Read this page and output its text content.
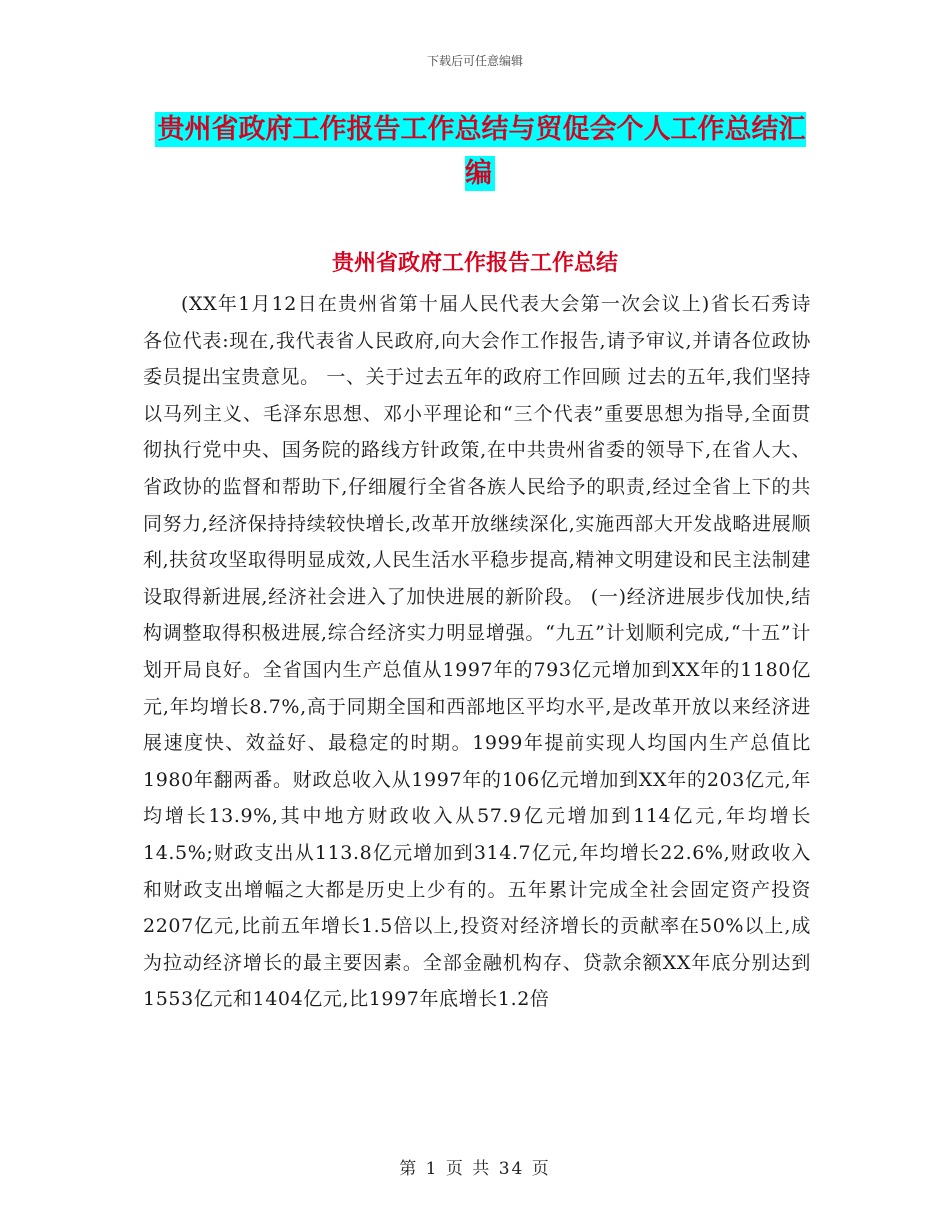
下载后可任意编辑
贵州省政府工作报告工作总结与贸促会个人工作总结汇编
贵州省政府工作报告工作总结

(XX年1月12日在贵州省第十届人民代表大会第一次会议上)省长石秀诗 各位代表:现在,我代表省人民政府,向大会作工作报告,请予审议,并请各位政协委员提出宝贵意见。 一、关于过去五年的政府工作回顾 过去的五年,我们坚持以马列主义、毛泽东思想、邓小平理论和“三个代表”重要思想为指导,全面贯彻执行党中央、国务院的路线方针政策,在中共贵州省委的领导下,在省人大、省政协的监督和帮助下,仔细履行全省各族人民给予的职责,经过全省上下的共同努力,经济保持持续较快增长,改革开放继续深化,实施西部大开发战略进展顺利,扶贫攻坚取得明显成效,人民生活水平稳步提高,精神文明建设和民主法制建设取得新进展,经济社会进入了加快进展的新阶段。 (一)经济进展步伐加快,结构调整取得积极进展,综合经济实力明显增强。“九五”计划顺利完成,“十五”计划开局良好。全省国内生产总值从1997年的793亿元增加到XX年的1180亿元,年均增长8.7%,高于同期全国和西部地区平均水平,是改革开放以来经济进展速度快、效益好、最稳定的时期。1999年提前实现人均国内生产总值比1980年翻两番。财政总收入从1997年的106亿元增加到XX年的203亿元,年均增长13.9%,其中地方财政收入从57.9亿元增加到114亿元,年均增长14.5%;财政支出从113.8亿元增加到314.7亿元,年均增长22.6%,财政收入和财政支出增幅之大都是历史上少有的。五年累计完成全社会固定资产投资2207亿元,比前五年增长1.5倍以上,投资对经济增长的贡献率在50%以上,成为拉动经济增长的最主要因素。全部金融机构存、贷款余额XX年底分别达到1553亿元和1404亿元,比1997年底增长1.2倍

第 1 页 共 34 页
